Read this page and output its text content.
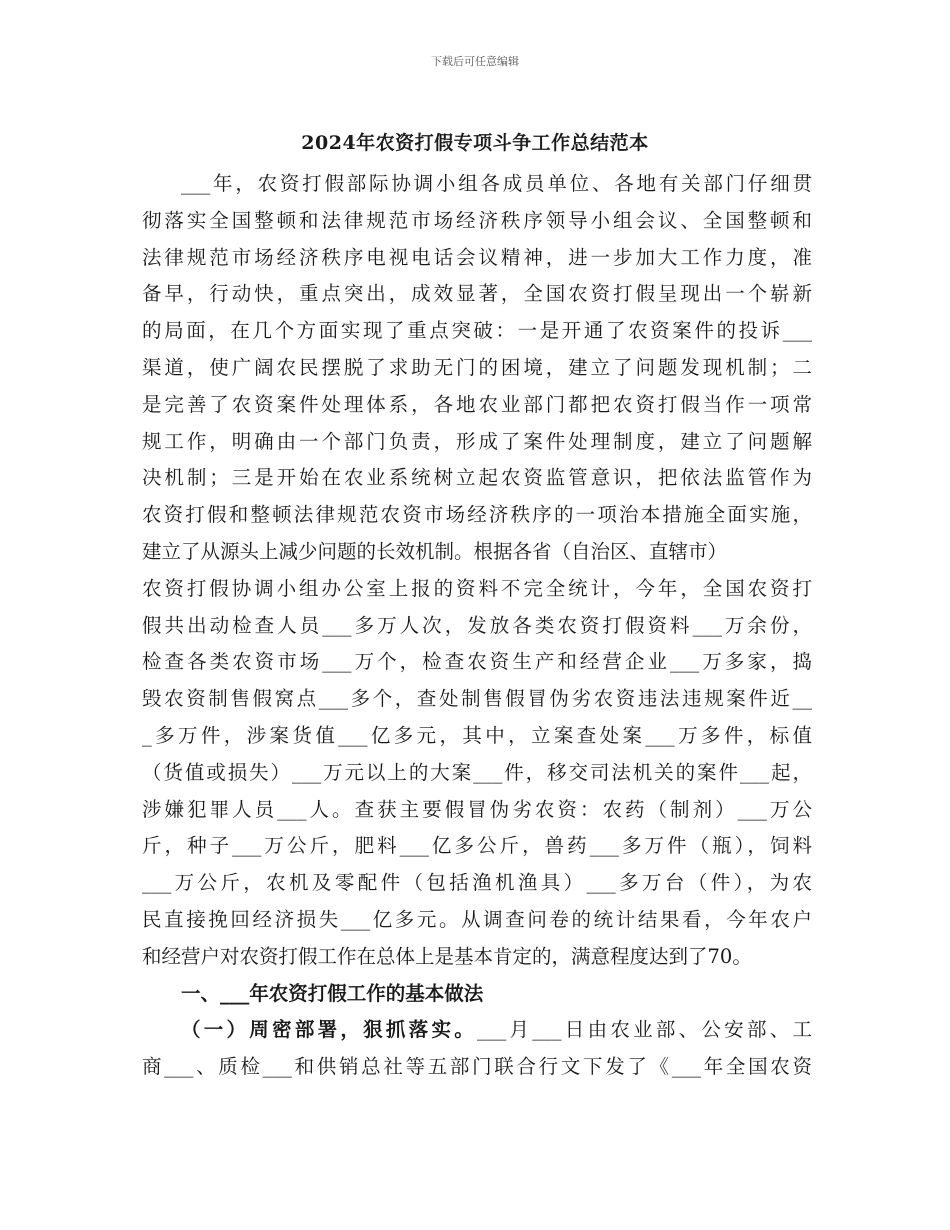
下载后可任意编辑
2024年农资打假专项斗争工作总结范本
___年，农资打假部际协调小组各成员单位、各地有关部门仔细贯
彻落实全国整顿和法律规范市场经济秩序领导小组会议、全国整顿和
法律规范市场经济秩序电视电话会议精神，进一步加大工作力度，准
备早，行动快，重点突出，成效显著，全国农资打假呈现出一个崭新
的局面，在几个方面实现了重点突破：一是开通了农资案件的投诉___
渠道，使广阔农民摆脱了求助无门的困境，建立了问题发现机制；二
是完善了农资案件处理体系，各地农业部门都把农资打假当作一项常
规工作，明确由一个部门负责，形成了案件处理制度，建立了问题解
决机制；三是开始在农业系统树立起农资监管意识，把依法监管作为
农资打假和整顿法律规范农资市场经济秩序的一项治本措施全面实施，
建立了从源头上减少问题的长效机制。根据各省（自治区、直辖市）
农资打假协调小组办公室上报的资料不完全统计，今年，全国农资打
假共出动检查人员___多万人次，发放各类农资打假资料___万余份，
检查各类农资市场___万个，检查农资生产和经营企业___万多家，捣
毁农资制售假窝点___多个，查处制售假冒伪劣农资违法违规案件近__
_多万件，涉案货值___亿多元，其中，立案查处案___万多件，标值
（货值或损失）___万元以上的大案___件，移交司法机关的案件___起，
涉嫌犯罪人员___人。查获主要假冒伪劣农资：农药（制剂）___万公
斤，种子___万公斤，肥料___亿多公斤，兽药___多万件（瓶），饲料
___万公斤，农机及零配件（包括渔机渔具）___多万台（件），为农
民直接挽回经济损失___亿多元。从调查问卷的统计结果看，今年农户
和经营户对农资打假工作在总体上是基本肯定的，满意程度达到了70。
一、___年农资打假工作的基本做法
（一）周密部署，狠抓落实。___月___日由农业部、公安部、工
商___、质检___和供销总社等五部门联合行文下发了《___年全国农资
